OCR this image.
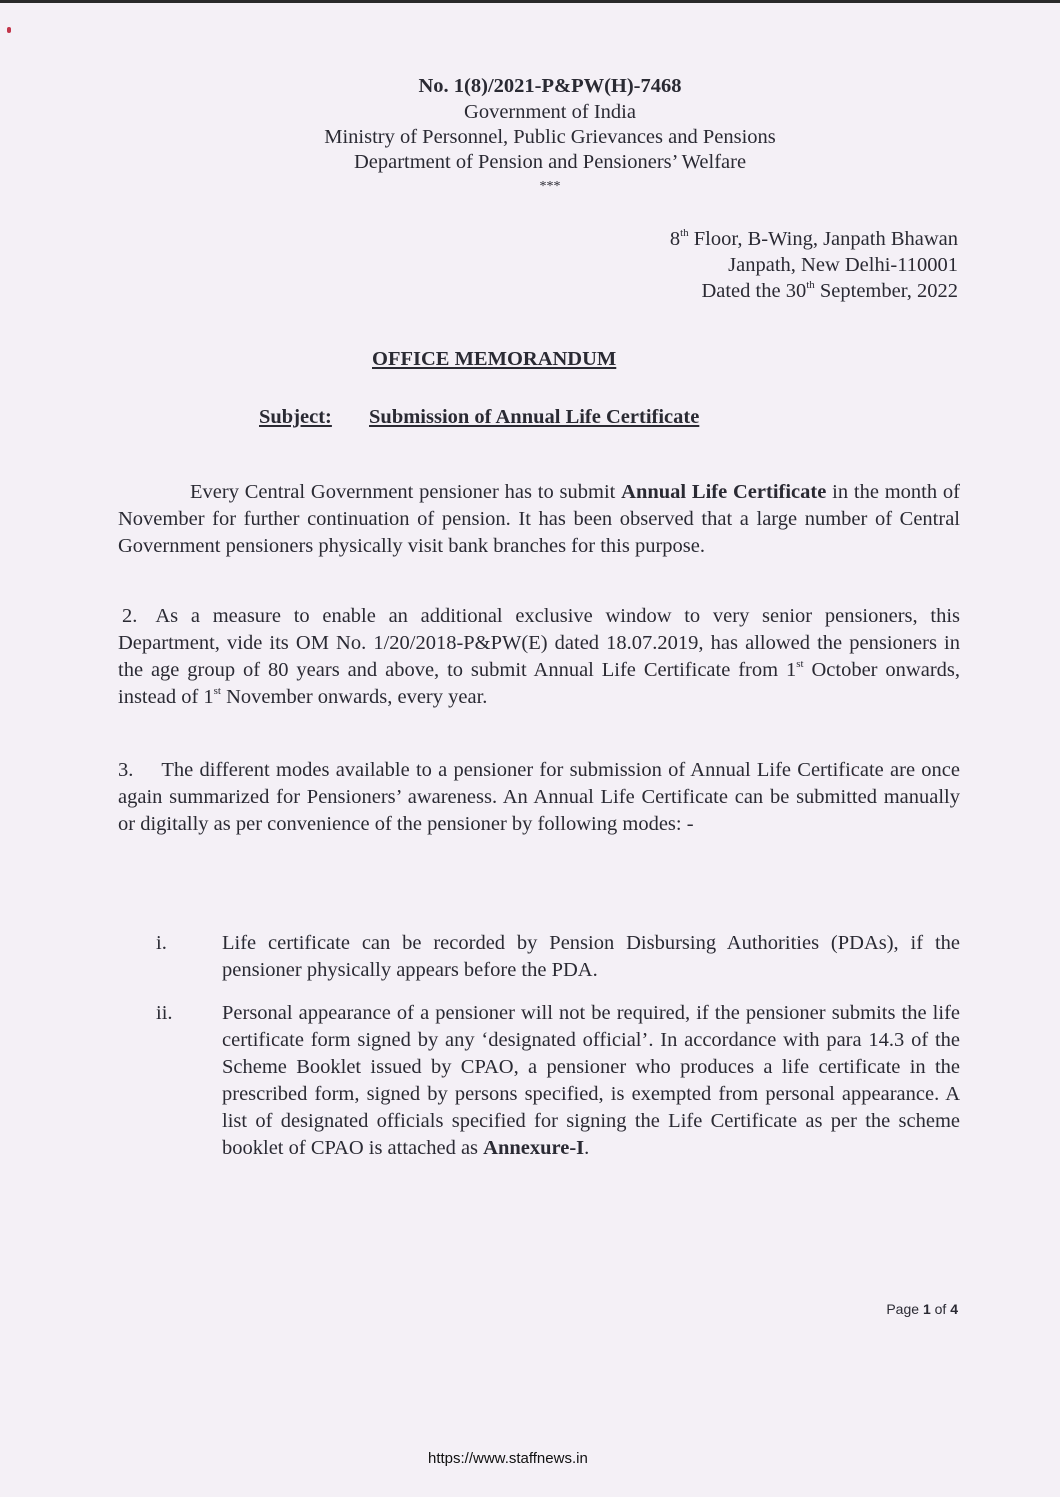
No. 1(8)/2021-P&PW(H)-7468
Government of India
Ministry of Personnel, Public Grievances and Pensions
Department of Pension and Pensioners’ Welfare
***
8th Floor, B-Wing, Janpath Bhawan
Janpath, New Delhi-110001
Dated the 30th September, 2022
OFFICE MEMORANDUM
Subject: Submission of Annual Life Certificate
Every Central Government pensioner has to submit Annual Life Certificate in the month of November for further continuation of pension. It has been observed that a large number of Central Government pensioners physically visit bank branches for this purpose.
2. As a measure to enable an additional exclusive window to very senior pensioners, this Department, vide its OM No. 1/20/2018-P&PW(E) dated 18.07.2019, has allowed the pensioners in the age group of 80 years and above, to submit Annual Life Certificate from 1st October onwards, instead of 1st November onwards, every year.
3. The different modes available to a pensioner for submission of Annual Life Certificate are once again summarized for Pensioners’ awareness. An Annual Life Certificate can be submitted manually or digitally as per convenience of the pensioner by following modes: -
i.	Life certificate can be recorded by Pension Disbursing Authorities (PDAs), if the pensioner physically appears before the PDA.
ii. Personal appearance of a pensioner will not be required, if the pensioner submits the life certificate form signed by any ‘designated official’. In accordance with para 14.3 of the Scheme Booklet issued by CPAO, a pensioner who produces a life certificate in the prescribed form, signed by persons specified, is exempted from personal appearance. A list of designated officials specified for signing the Life Certificate as per the scheme booklet of CPAO is attached as Annexure-I.
Page 1 of 4
https://www.staffnews.in
